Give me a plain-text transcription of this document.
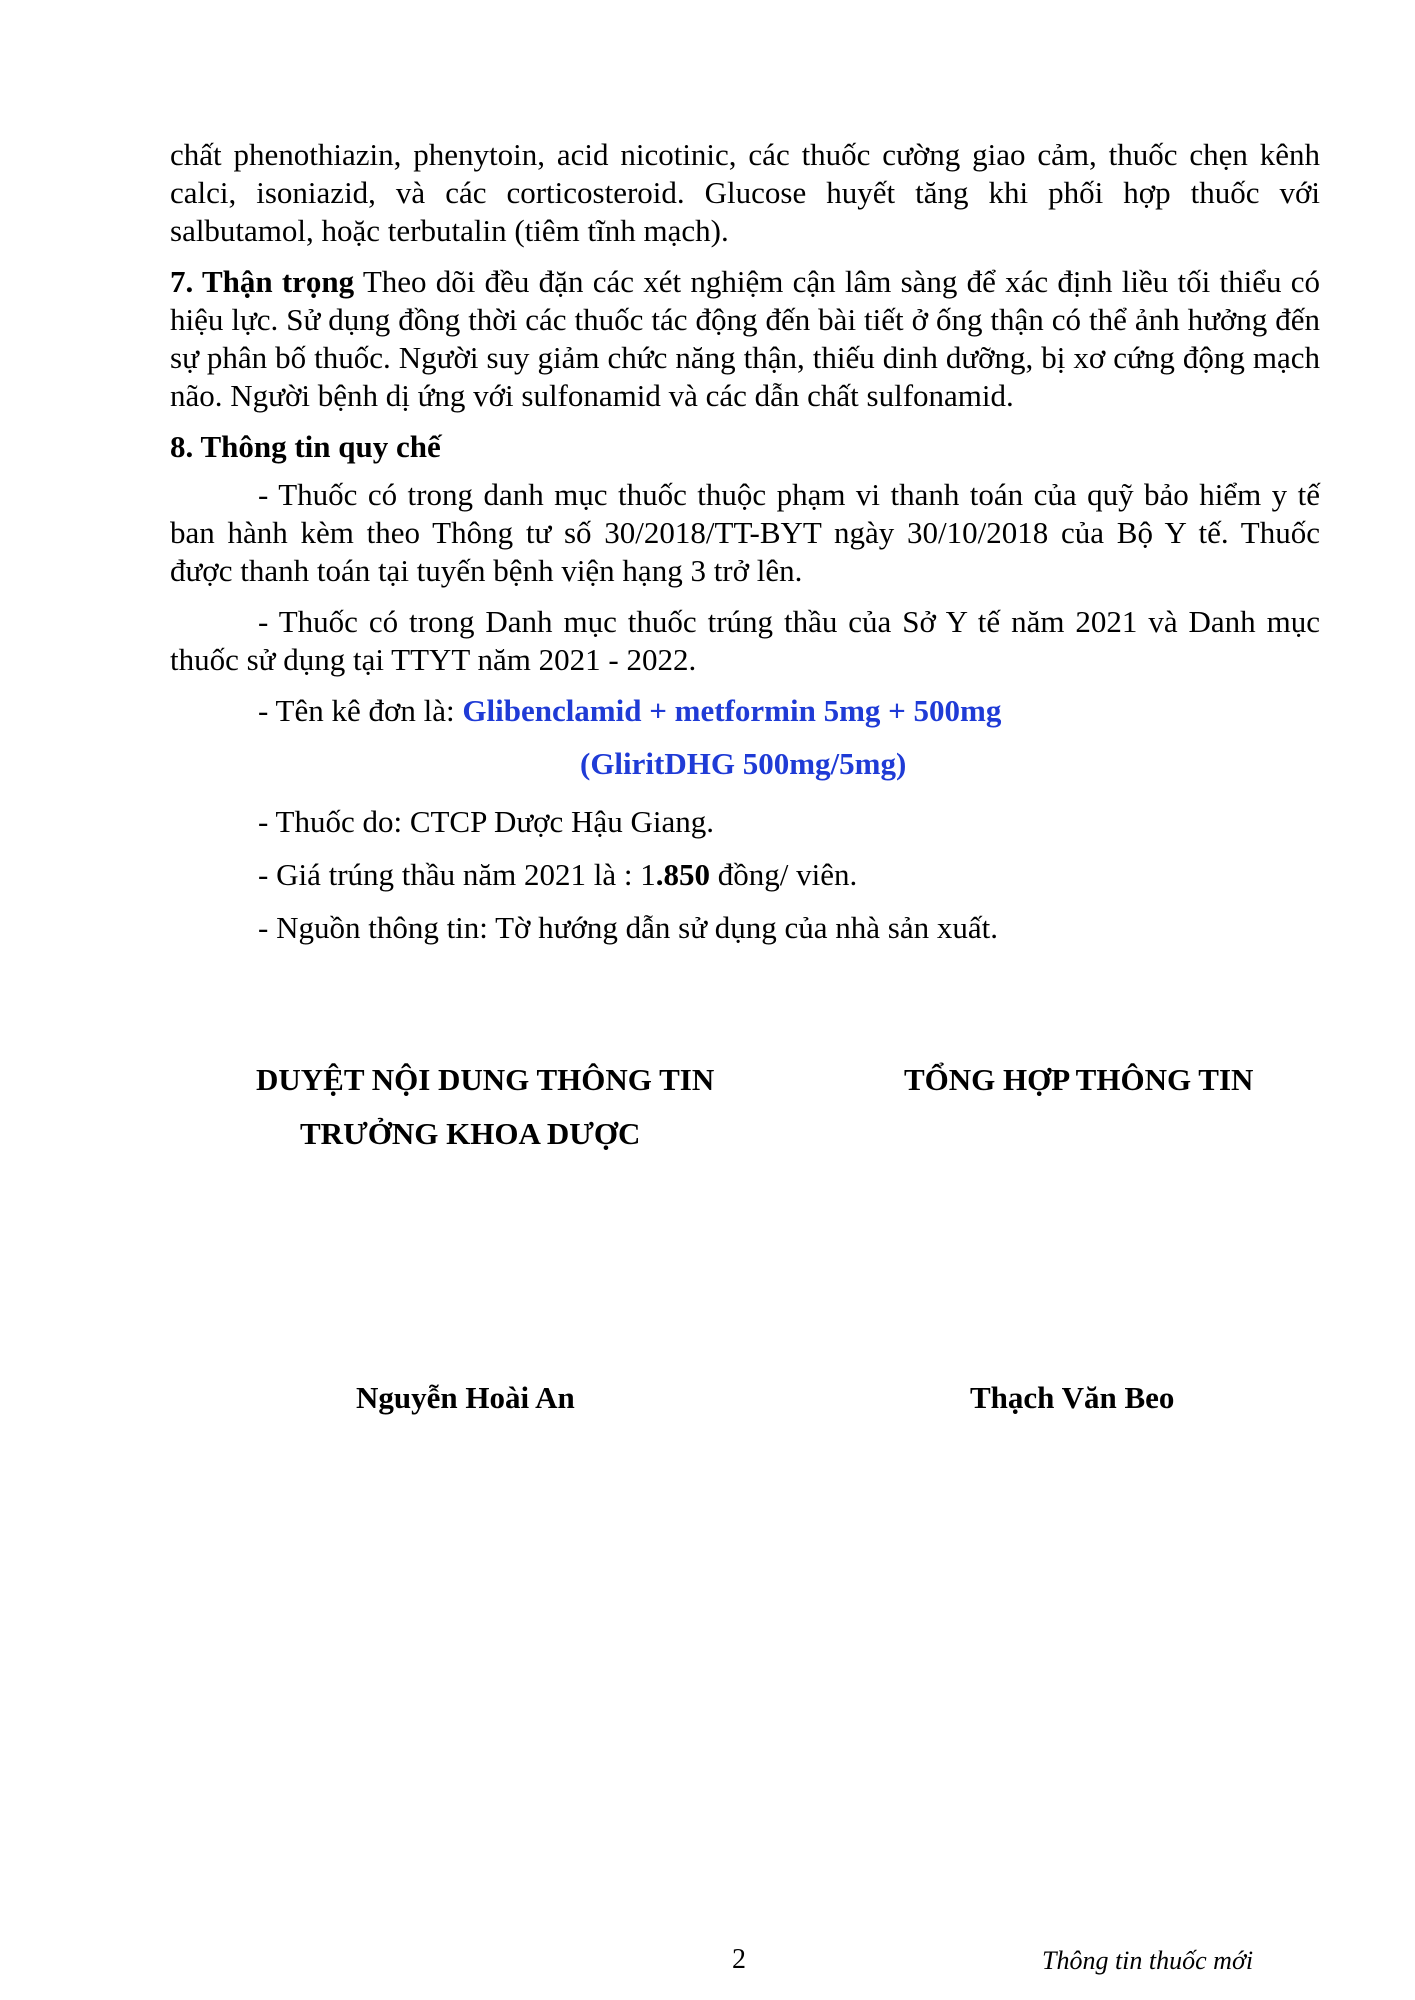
chất phenothiazin, phenytoin, acid nicotinic, các thuốc cường giao cảm, thuốc chẹn kênh calci, isoniazid, và các corticosteroid. Glucose huyết tăng khi phối hợp thuốc với salbutamol, hoặc terbutalin (tiêm tĩnh mạch).

7. Thận trọng Theo dõi đều đặn các xét nghiệm cận lâm sàng để xác định liều tối thiểu có hiệu lực. Sử dụng đồng thời các thuốc tác động đến bài tiết ở ống thận có thể ảnh hưởng đến sự phân bố thuốc. Người suy giảm chức năng thận, thiếu dinh dưỡng, bị xơ cứng động mạch não. Người bệnh dị ứng với sulfonamid và các dẫn chất sulfonamid.

8. Thông tin quy chế

- Thuốc có trong danh mục thuốc thuộc phạm vi thanh toán của quỹ bảo hiểm y tế ban hành kèm theo Thông tư số 30/2018/TT-BYT ngày 30/10/2018 của Bộ Y tế. Thuốc được thanh toán tại tuyến bệnh viện hạng 3 trở lên.

- Thuốc có trong Danh mục thuốc trúng thầu của Sở Y tế năm 2021 và Danh mục thuốc sử dụng tại TTYT năm 2021 - 2022.

- Tên kê đơn là: Glibenclamid + metformin 5mg + 500mg

(GliritDHG 500mg/5mg)

- Thuốc do: CTCP Dược Hậu Giang.

- Giá trúng thầu năm 2021 là : 1.850 đồng/ viên.

- Nguồn thông tin: Tờ hướng dẫn sử dụng của nhà sản xuất.

DUYỆT NỘI DUNG THÔNG TIN
TRƯỞNG KHOA DƯỢC
TỔNG HỢP THÔNG TIN
Nguyễn Hoài An	Thạch Văn Beo
2	Thông tin thuốc mới
